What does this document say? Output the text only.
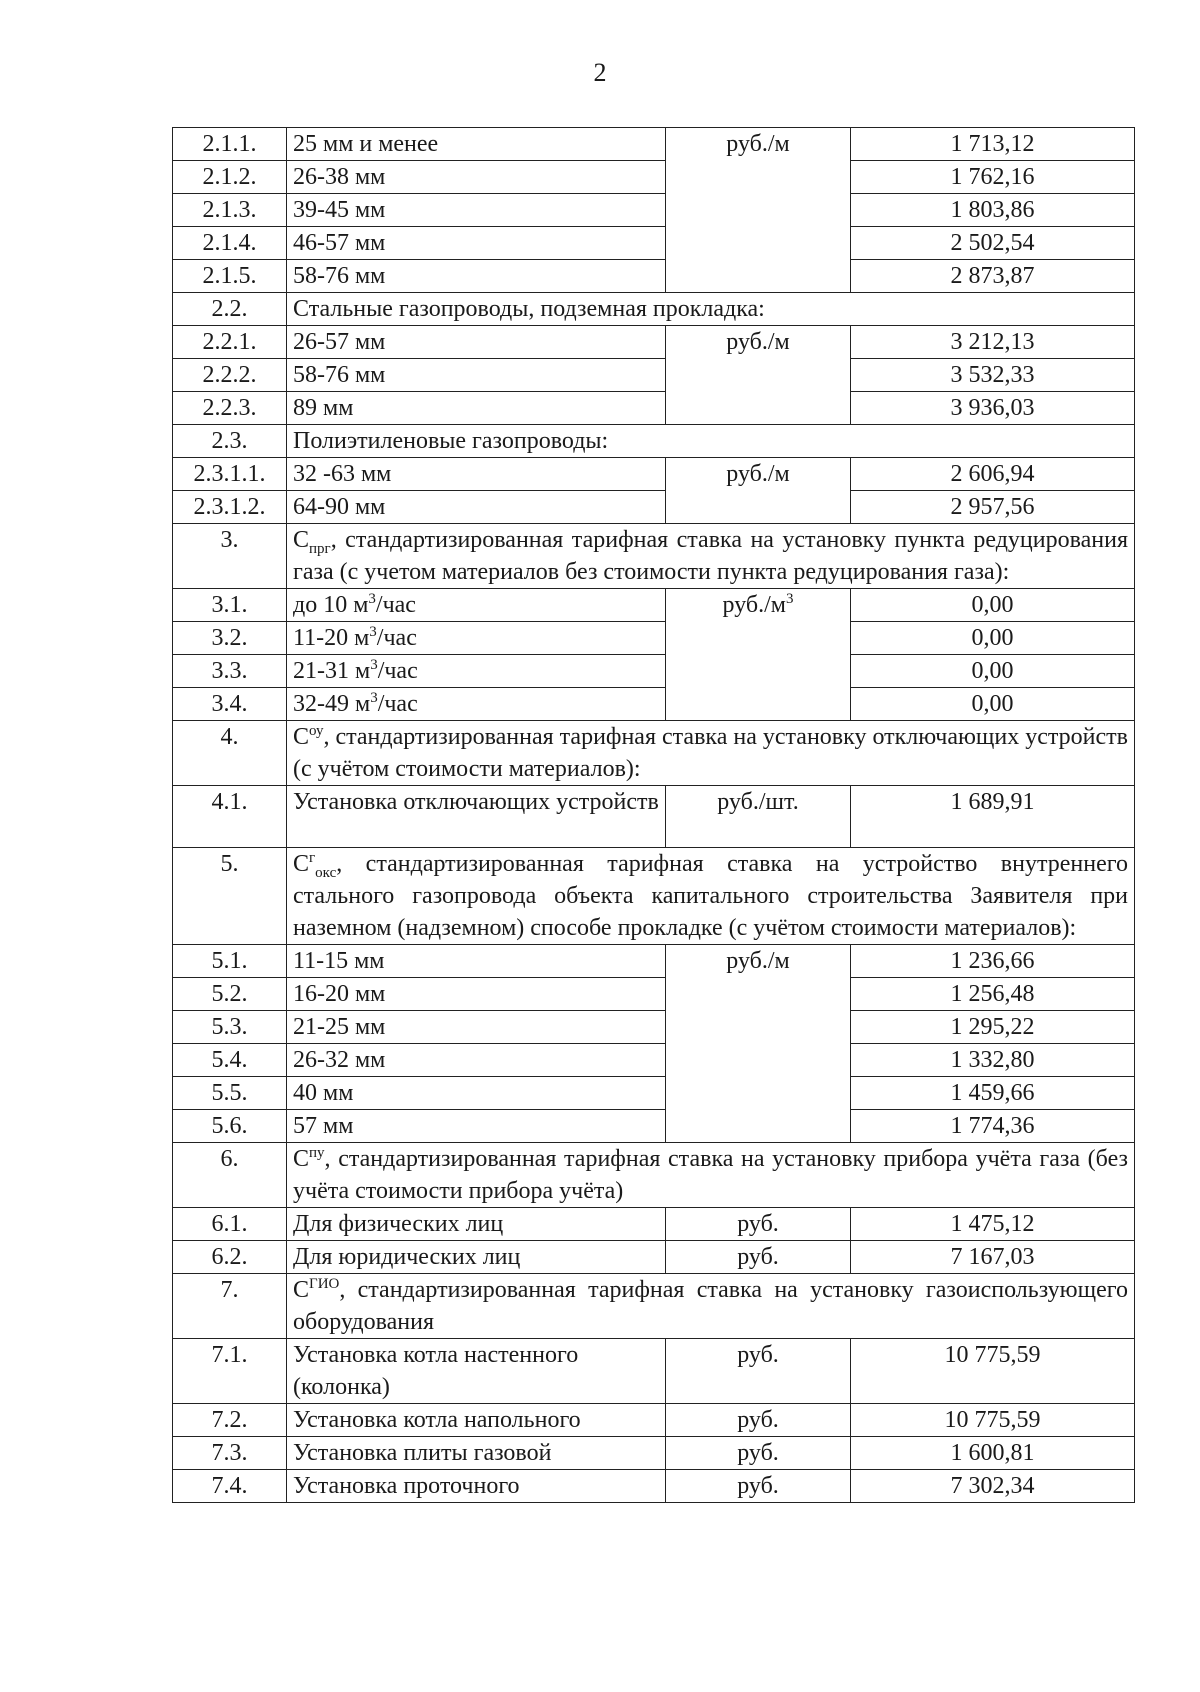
2
2.1.1.	25 мм и менее	руб./м	1 713,12
2.1.2.	26-38 мм		1 762,16
2.1.3.	39-45 мм		1 803,86
2.1.4.	46-57 мм		2 502,54
2.1.5.	58-76 мм		2 873,87
2.2.	Стальные газопроводы, подземная прокладка:		
2.2.1.	26-57 мм	руб./м	3 212,13
2.2.2.	58-76 мм		3 532,33
2.2.3.	89 мм		3 936,03
2.3.	Полиэтиленовые газопроводы:		
2.3.1.1.	32 -63 мм	руб./м	2 606,94
2.3.1.2.	64-90 мм		2 957,56
3.	$С_{прг}$, стандартизированная тарифная ставка на установку пункта редуцирования газа (с учетом материалов без стоимости пункта редуцирования газа):		
3.1.	до 10 $м^3$/час	$руб./м^3$	0,00
3.2.	11-20 $м^3$/час		0,00
3.3.	21-31 $м^3$/час		0,00
3.4.	32-49 $м^3$/час		0,00
4.	$С^{оу}$, стандартизированная тарифная ставка на установку отключающих устройств (с учётом стоимости материалов):		
4.1.	Установка отключающих устройств	руб./шт.	1 689,91
5.	$С^г_{окс}$, стандартизированная тарифная ставка на устройство внутреннего стального газопровода объекта капитального строительства Заявителя при наземном (надземном) способе прокладке (с учётом стоимости материалов):		
5.1.	11-15 мм	руб./м	1 236,66
5.2.	16-20 мм		1 256,48
5.3.	21-25 мм		1 295,22
5.4.	26-32 мм		1 332,80
5.5.	40 мм		1 459,66
5.6.	57 мм		1 774,36
6.	$С^{пу}$, стандартизированная тарифная ставка на установку прибора учёта газа (без учёта стоимости прибора учёта)		
6.1.	Для физических лиц	руб.	1 475,12
6.2.	Для юридических лиц	руб.	7 167,03
7.	$С^{ГИО}$, стандартизированная тарифная ставка на установку газоиспользующего оборудования		
7.1.	Установка котла настенного (колонка)	руб.	10 775,59
7.2.	Установка котла напольного	руб.	10 775,59
7.3.	Установка плиты газовой	руб.	1 600,81
7.4.	Установка проточного	руб.	7 302,34
